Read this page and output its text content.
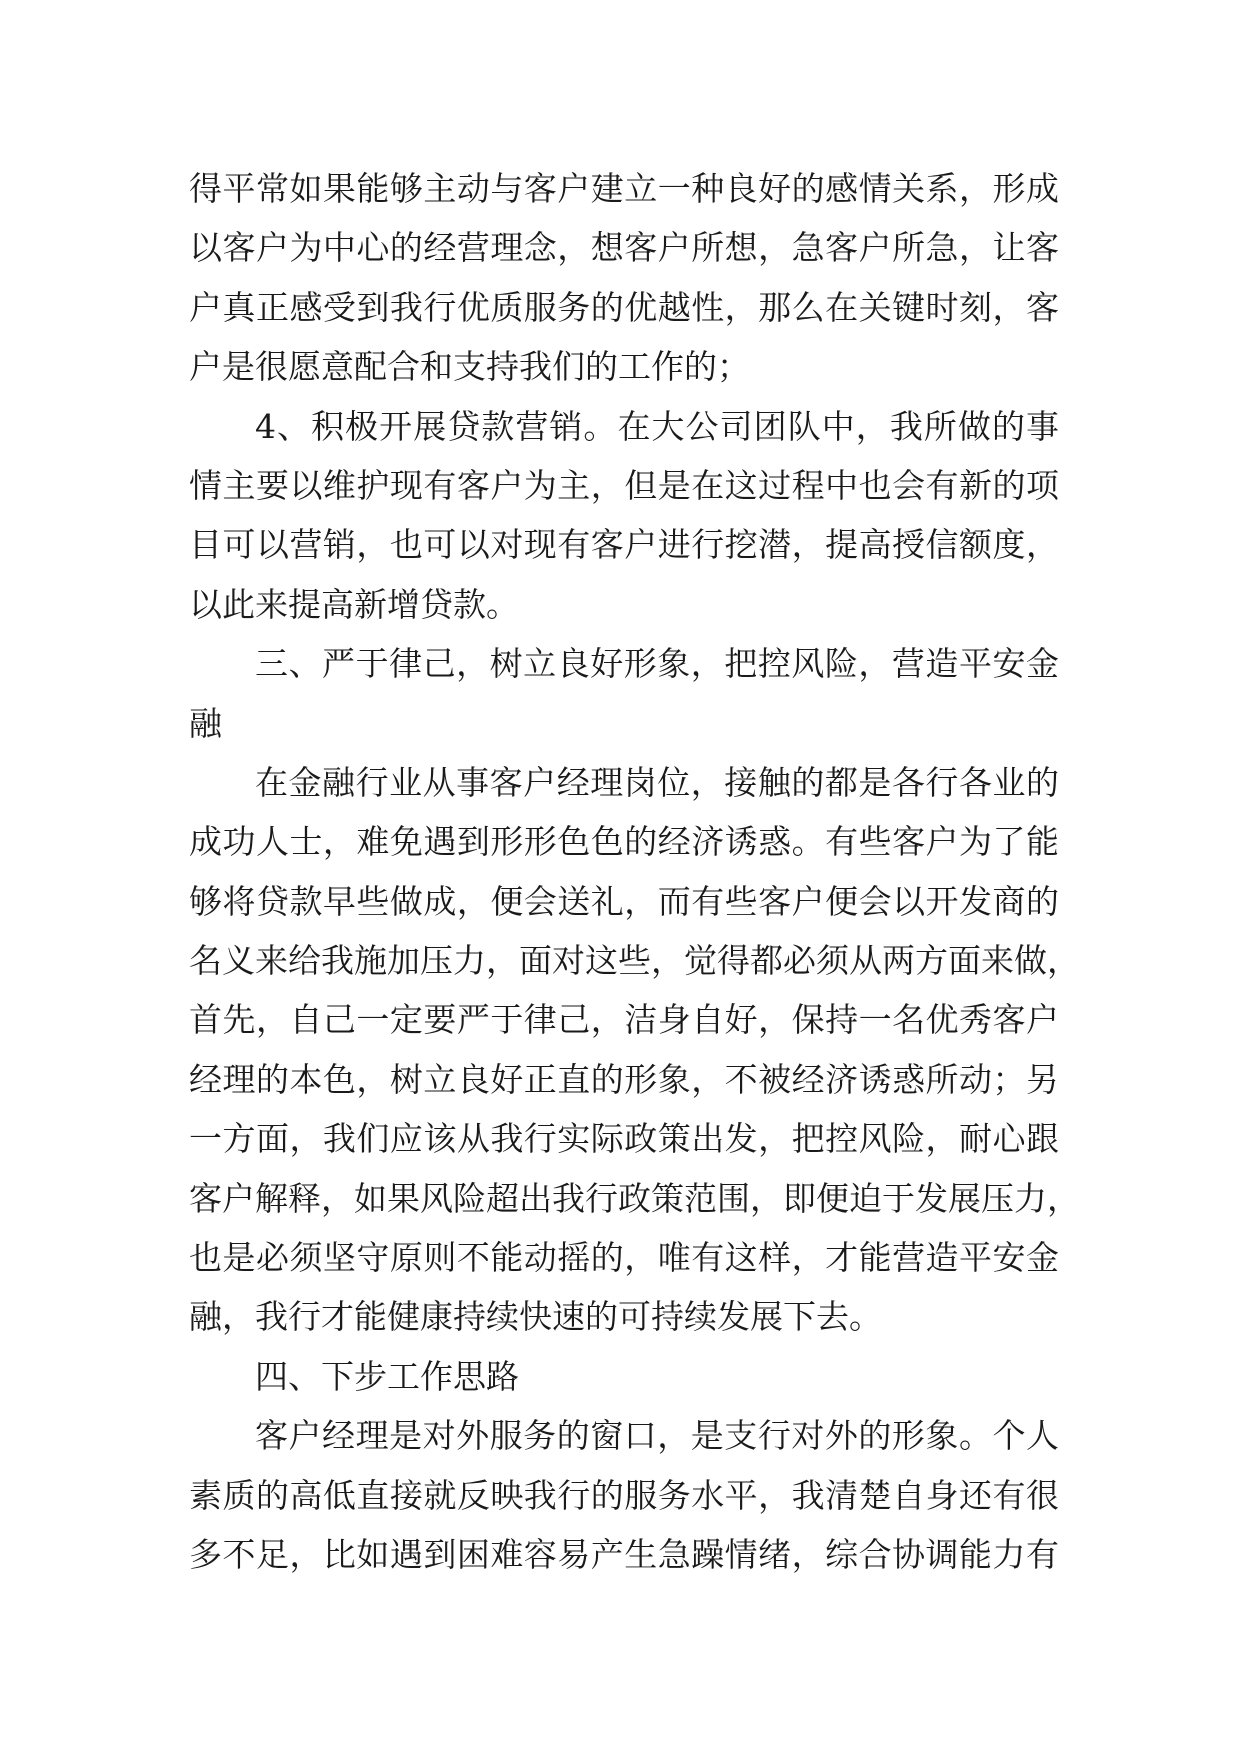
得平常如果能够主动与客户建立一种良好的感情关系，形成
以客户为中心的经营理念，想客户所想，急客户所急，让客
户真正感受到我行优质服务的优越性，那么在关键时刻，客
户是很愿意配合和支持我们的工作的；
4、积极开展贷款营销。在大公司团队中，我所做的事
情主要以维护现有客户为主，但是在这过程中也会有新的项
目可以营销，也可以对现有客户进行挖潜，提高授信额度，
以此来提高新增贷款。
三、严于律己，树立良好形象，把控风险，营造平安金
融
在金融行业从事客户经理岗位，接触的都是各行各业的
成功人士，难免遇到形形色色的经济诱惑。有些客户为了能
够将贷款早些做成，便会送礼，而有些客户便会以开发商的
名义来给我施加压力，面对这些，觉得都必须从两方面来做，
首先，自己一定要严于律己，洁身自好，保持一名优秀客户
经理的本色，树立良好正直的形象，不被经济诱惑所动；另
一方面，我们应该从我行实际政策出发，把控风险，耐心跟
客户解释，如果风险超出我行政策范围，即便迫于发展压力，
也是必须坚守原则不能动摇的，唯有这样，才能营造平安金
融，我行才能健康持续快速的可持续发展下去。
四、下步工作思路
客户经理是对外服务的窗口，是支行对外的形象。个人
素质的高低直接就反映我行的服务水平，我清楚自身还有很
多不足，比如遇到困难容易产生急躁情绪，综合协调能力有
